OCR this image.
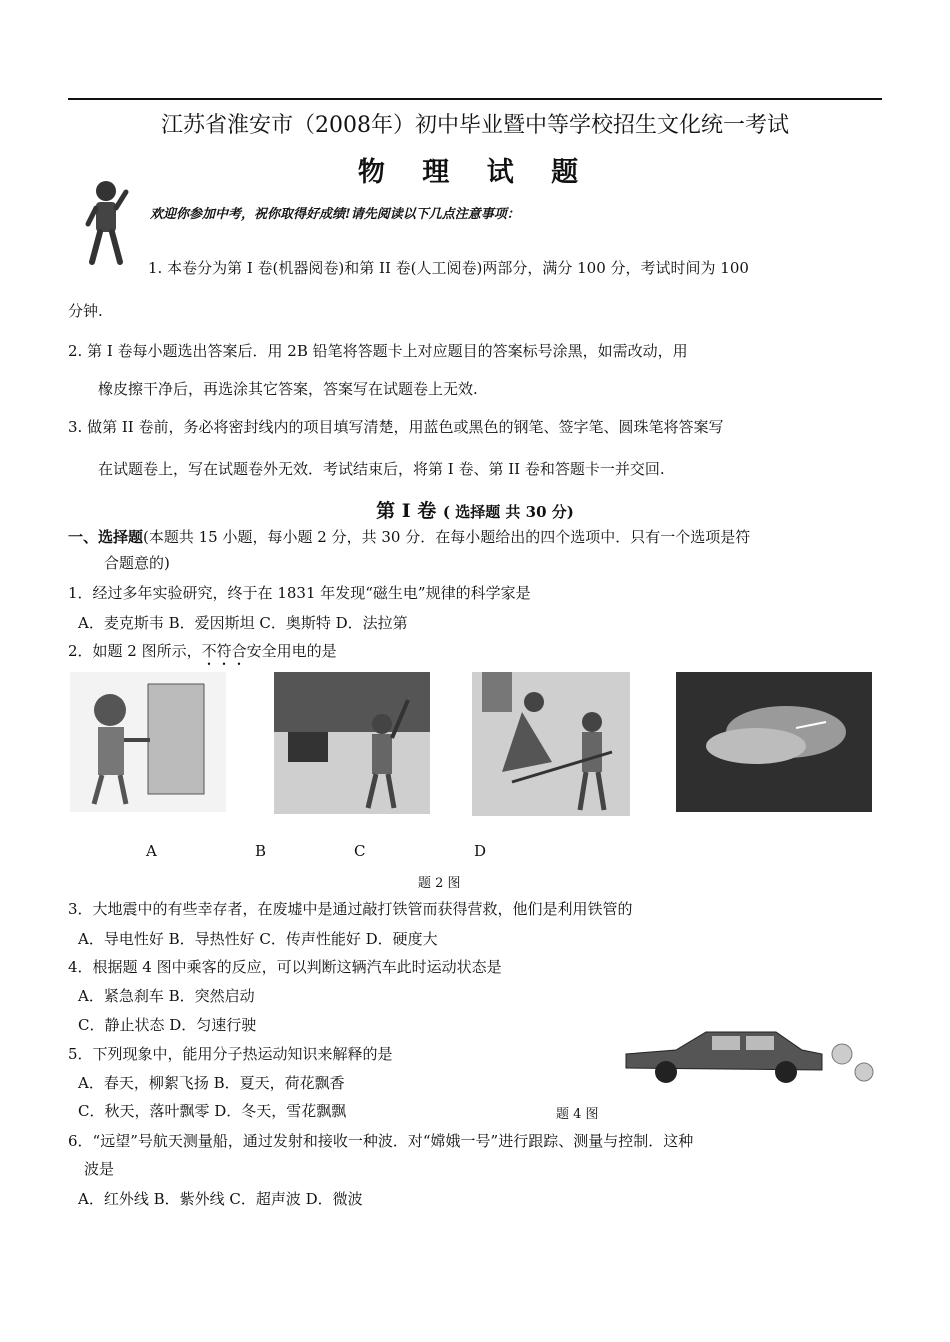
江苏省淮安市（2008年）初中毕业暨中等学校招生文化统一考试
物 理 试 题
欢迎你参加中考，祝你取得好成绩!请先阅读以下几点注意事项：
1. 本卷分为第 I 卷(机器阅卷)和第 II 卷(人工阅卷)两部分，满分 100 分，考试时间为 100
分钟.
2. 第 I 卷每小题选出答案后．用 2B 铅笔将答题卡上对应题目的答案标号涂黑，如需改动，用
橡皮擦干净后，再选涂其它答案，答案写在试题卷上无效.
3. 做第 II 卷前，务必将密封线内的项目填写清楚，用蓝色或黑色的钢笔、签字笔、圆珠笔将答案写
在试题卷上，写在试题卷外无效．考试结束后，将第 I 卷、第 II 卷和答题卡一并交回.
第 I 卷 ( 选择题 共 30 分)
一、选择题(本题共 15 小题，每小题 2 分，共 30 分．在每小题给出的四个选项中．只有一个选项是符
合题意的)
1．经过多年实验研究，终于在 1831 年发现“磁生电”规律的科学家是
A．麦克斯韦 B．爱因斯坦 C．奥斯特 D．法拉第
2．如题 2 图所示，不符合安全用电的是
A	B	C	D
题 2 图
3．大地震中的有些幸存者，在废墟中是通过敲打铁管而获得营救，他们是利用铁管的
A．导电性好 B．导热性好 C．传声性能好 D．硬度大
4．根据题 4 图中乘客的反应，可以判断这辆汽车此时运动状态是
A．紧急刹车 B．突然启动
C．静止状态 D．匀速行驶
5．下列现象中，能用分子热运动知识来解释的是
A．春天，柳絮飞扬 B．夏天，荷花飘香
C．秋天，落叶飘零 D．冬天，雪花飘飘	题 4 图
6．“远望”号航天测量船，通过发射和接收一种波．对“嫦娥一号”进行跟踪、测量与控制．这种
波是
A．红外线 B．紫外线 C．超声波 D．微波
